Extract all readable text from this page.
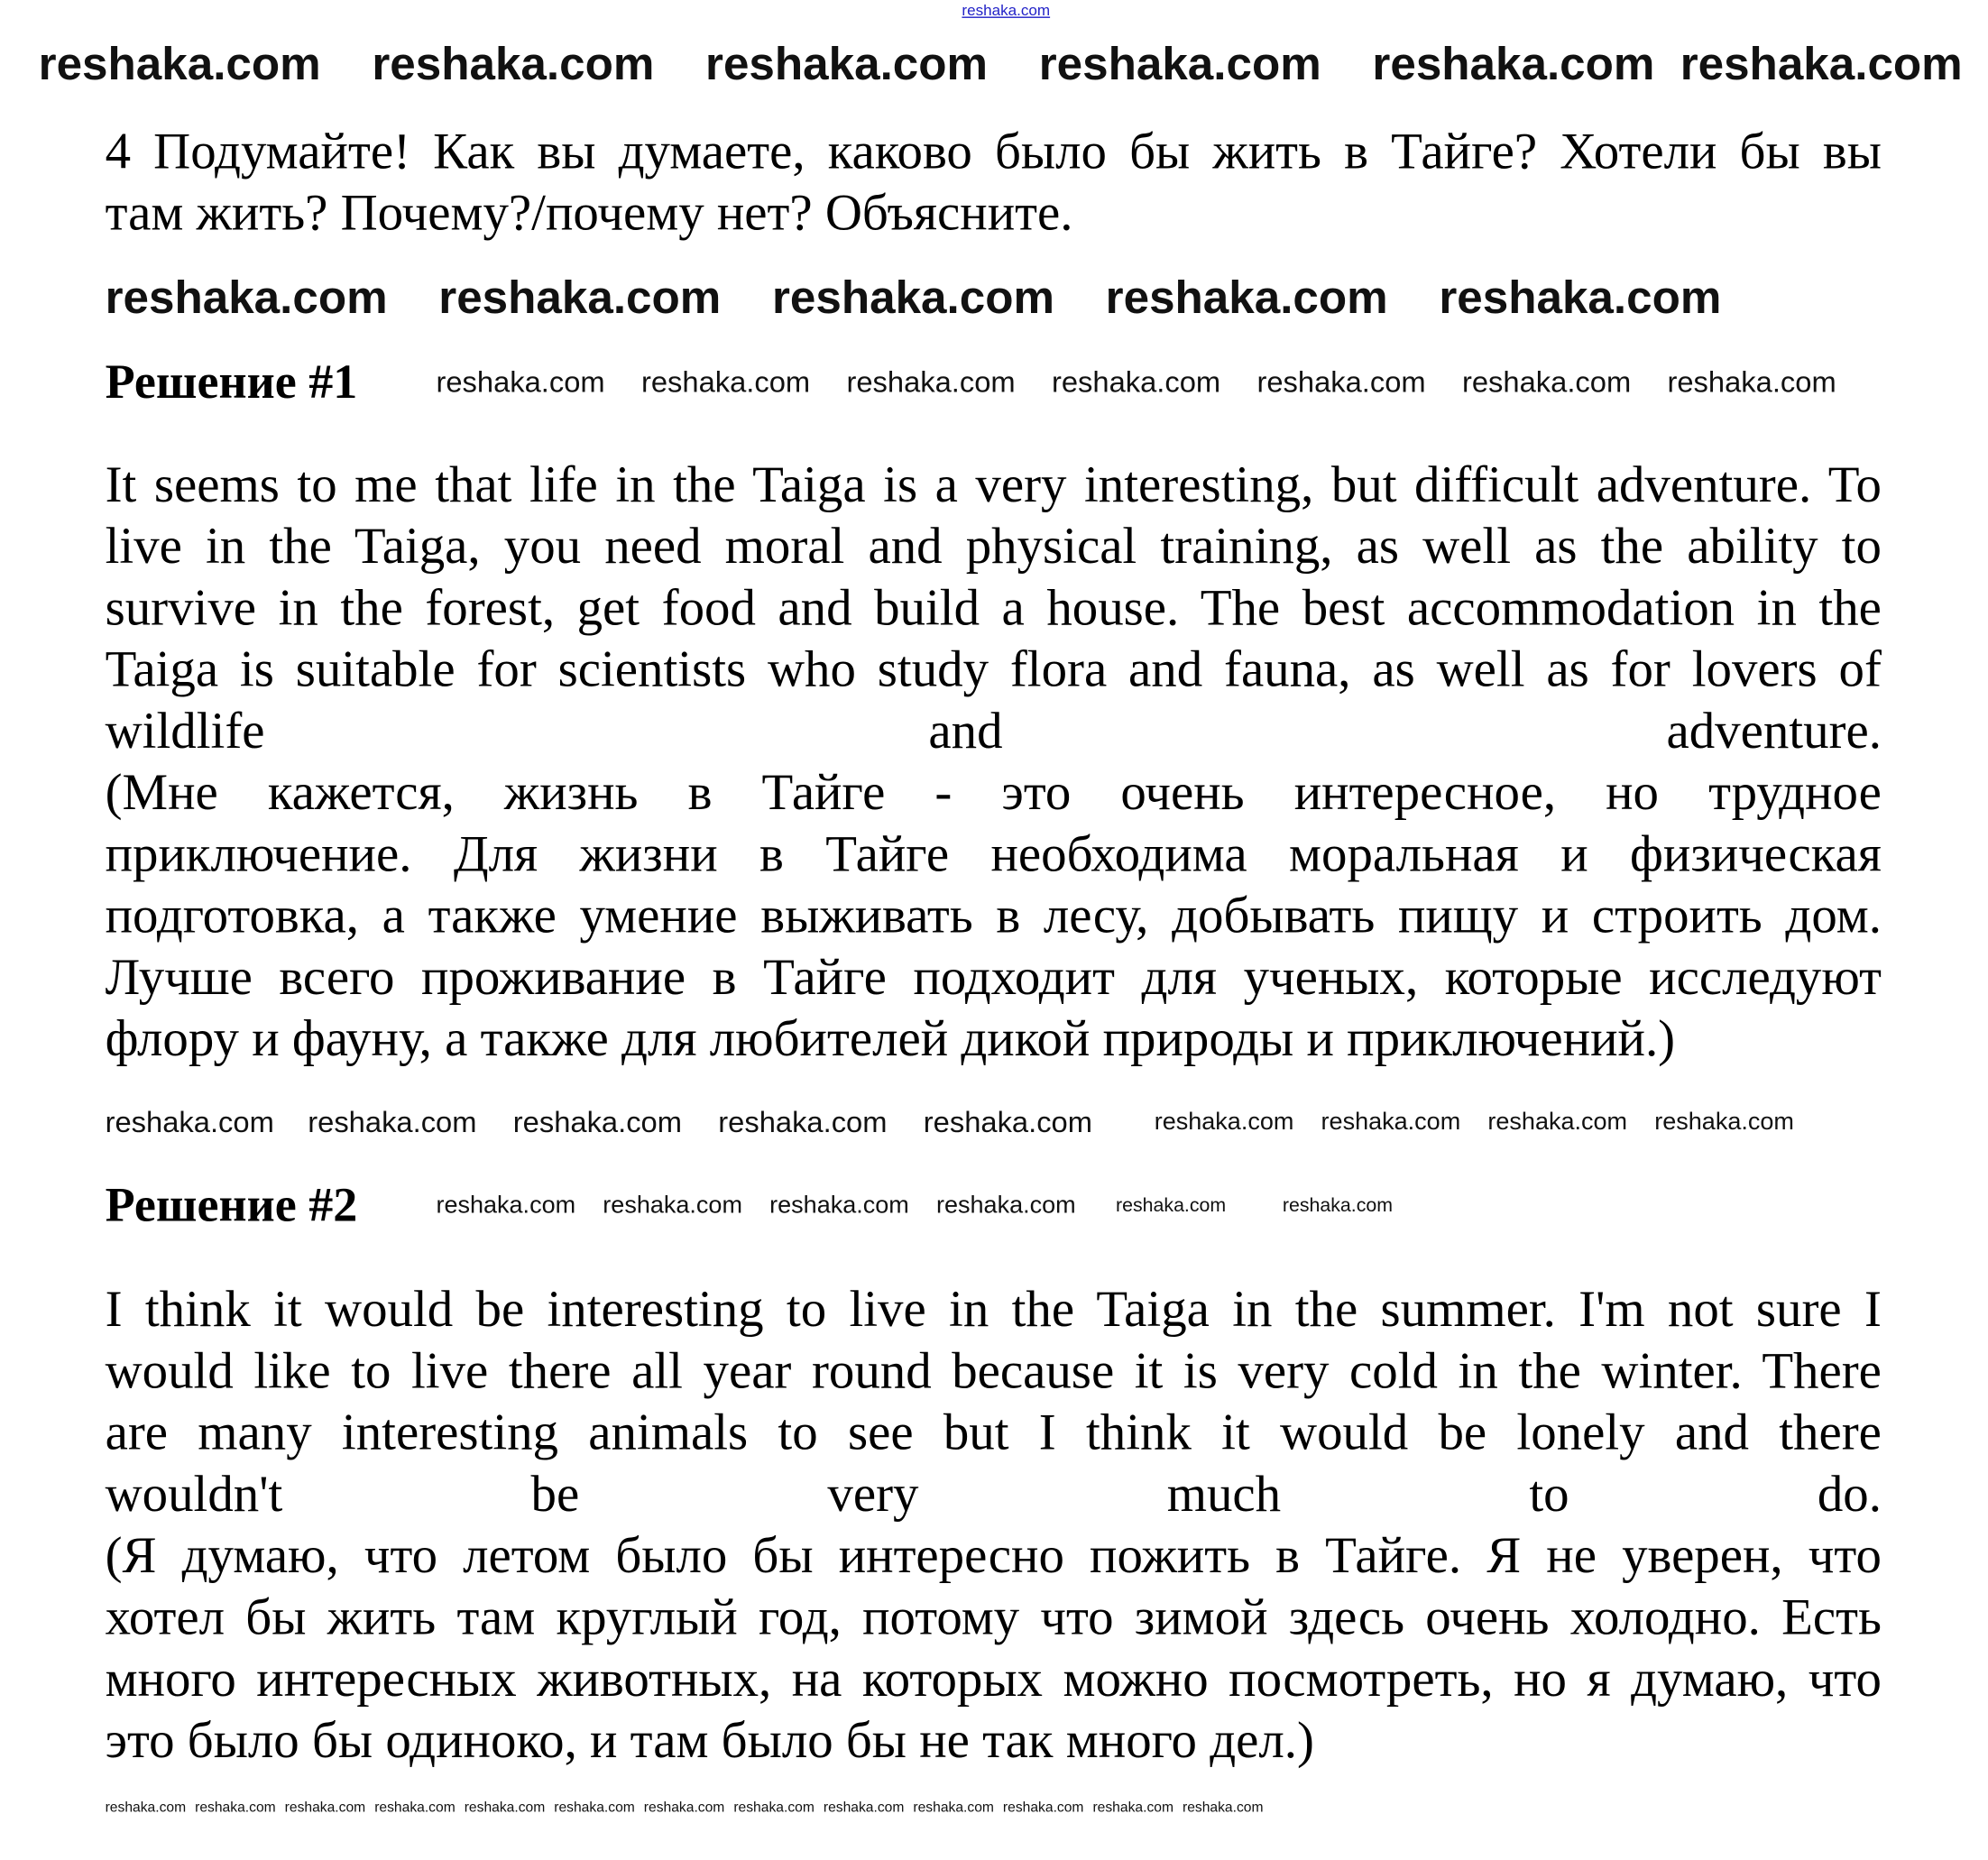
reshaka.com
4 Подумайте! Как вы думаете, каково было бы жить в Тайге? Хотели бы вы
там жить? Почему?/почему нет? Объясните.
Решение #1
It seems to me that life in the Taiga is a very interesting, but difficult adventure. To
live in the Taiga, you need moral and physical training, as well as the ability to
survive in the forest, get food and build a house. The best accommodation in the
Taiga is suitable for scientists who study flora and fauna, as well as for lovers of
wildlife and adventure.
(Мне кажется, жизнь в Тайге - это очень интересное, но трудное
приключение. Для жизни в Тайге необходима моральная и физическая
подготовка, а также умение выживать в лесу, добывать пищу и строить дом.
Лучше всего проживание в Тайге подходит для ученых, которые исследуют
флору и фауну, а также для любителей дикой природы и приключений.)
Решение #2
I think it would be interesting to live in the Taiga in the summer. I'm not sure I
would like to live there all year round because it is very cold in the winter. There
are many interesting animals to see but I think it would be lonely and there
wouldn't be very much to do.
(Я думаю, что летом было бы интересно пожить в Тайге. Я не уверен, что
хотел бы жить там круглый год, потому что зимой здесь очень холодно. Есть
много интересных животных, на которых можно посмотреть, но я думаю, что
это было бы одиноко, и там было бы не так много дел.)
reshaka.com reshaka.com reshaka.com reshaka.com reshaka.com reshaka.com
reshaka.com reshaka.com reshaka.com reshaka.com reshaka.com
reshaka.com reshaka.com reshaka.com reshaka.com reshaka.com reshaka.com reshaka.com
reshaka.com reshaka.com reshaka.com reshaka.com reshaka.com	reshaka.com reshaka.com reshaka.com reshaka.com
reshaka.com reshaka.com reshaka.com reshaka.com	reshaka.com	reshaka.com
reshaka.com reshaka.com reshaka.com reshaka.com reshaka.com reshaka.com reshaka.com reshaka.com reshaka.com reshaka.com reshaka.com reshaka.com reshaka.com
